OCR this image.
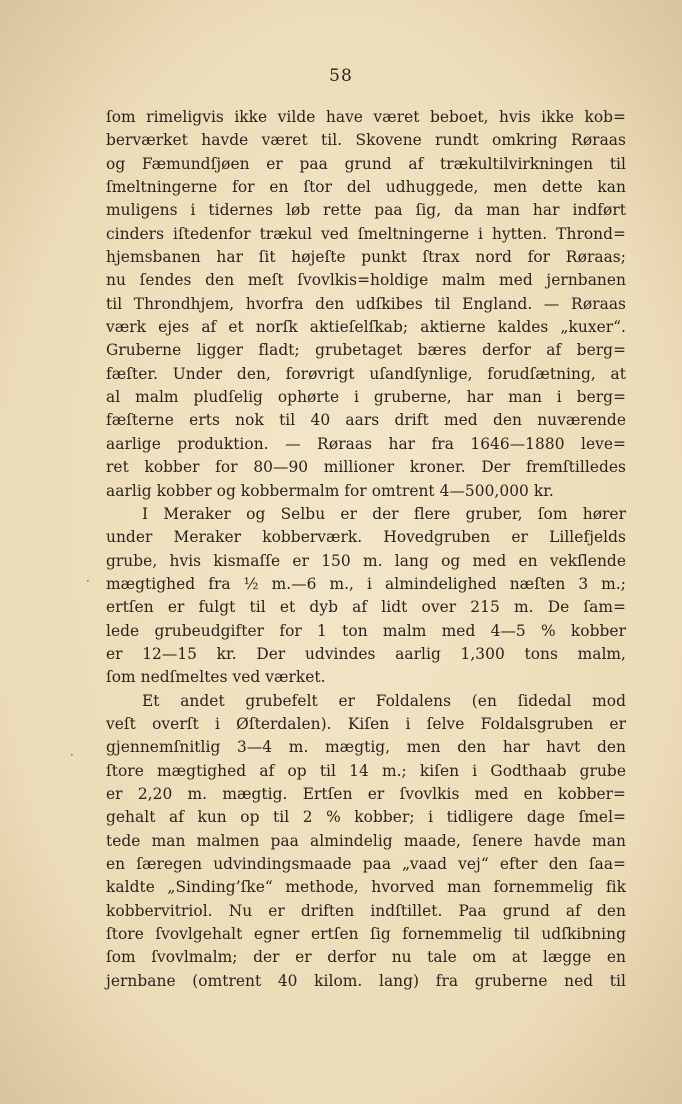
58
ſom rimeligvis ikke vilde have været beboet, hvis ikke kob=
berværket havde været til. Skovene rundt omkring Røraas
og Fæmundſjøen er paa grund af trækultilvirkningen til
ſmeltningerne for en ſtor del udhuggede, men dette kan
muligens i tidernes løb rette paa ſig, da man har indført
cinders iſtedenfor trækul ved ſmeltningerne i hytten. Thrond=
hjemsbanen har ſit højeſte punkt ſtrax nord for Røraas;
nu ſendes den meſt ſvovlkis=holdige malm med jernbanen
til Throndhjem, hvorfra den udſkibes til England. — Røraas
værk ejes af et norſk aktieſelſkab; aktierne kaldes „kuxer“.
Gruberne ligger fladt; grubetaget bæres derfor af berg=
fæſter. Under den, forøvrigt uſandſynlige, forudſætning, at
al malm pludſelig ophørte i gruberne, har man i berg=
fæſterne erts nok til 40 aars drift med den nuværende
aarlige produktion. — Røraas har fra 1646—1880 leve=
ret kobber for 80—90 millioner kroner. Der fremſtilledes
aarlig kobber og kobbermalm for omtrent 4—500,000 kr.
I Meraker og Selbu er der flere gruber, ſom hører
under Meraker kobberværk. Hovedgruben er Lillefjelds
grube, hvis kismaſſe er 150 m. lang og med en vekſlende
mægtighed fra ½ m.—6 m., i almindelighed næſten 3 m.;
ertſen er fulgt til et dyb af lidt over 215 m. De ſam=
lede grubeudgifter for 1 ton malm med 4—5 % kobber
er 12—15 kr. Der udvindes aarlig 1,300 tons malm,
ſom nedſmeltes ved værket.
Et andet grubefelt er Foldalens (en ſidedal mod
veſt overſt i Øſterdalen). Kiſen i ſelve Foldalsgruben er
gjennemſnitlig 3—4 m. mægtig, men den har havt den
ſtore mægtighed af op til 14 m.; kiſen i Godthaab grube
er 2,20 m. mægtig. Ertſen er ſvovlkis med en kobber=
gehalt af kun op til 2 % kobber; i tidligere dage ſmel=
tede man malmen paa almindelig maade, ſenere havde man
en ſæregen udvindingsmaade paa „vaad vej“ efter den ſaa=
kaldte „Sinding’ſke“ methode, hvorved man fornemmelig fik
kobbervitriol. Nu er driften indſtillet. Paa grund af den
ſtore ſvovlgehalt egner ertſen ſig fornemmelig til udſkibning
ſom ſvovlmalm; der er derfor nu tale om at lægge en
jernbane (omtrent 40 kilom. lang) fra gruberne ned til
·
·
